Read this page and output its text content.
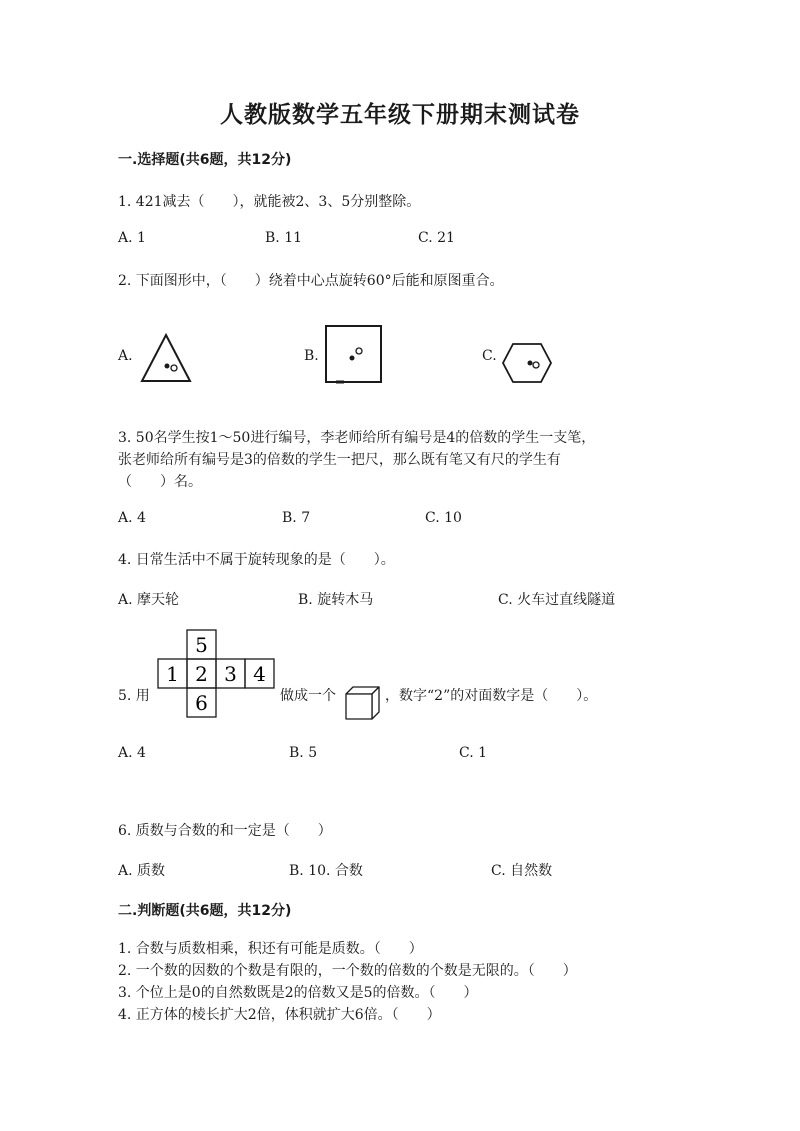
人教版数学五年级下册期末测试卷
一.选择题(共6题，共12分)
1. 421减去（　　），就能被2、3、5分别整除。
A. 1	B. 11	C. 21
2. 下面图形中，（　　）绕着中心点旋转60°后能和原图重合。
A.	B.	C.
3. 50名学生按1～50进行编号，李老师给所有编号是4的倍数的学生一支笔，
张老师给所有编号是3的倍数的学生一把尺，那么既有笔又有尺的学生有
（　　）名。
A. 4	B. 7	C. 10
4. 日常生活中不属于旋转现象的是（　　）。
A. 摩天轮	B. 旋转木马	C. 火车过直线隧道
5. 用
5
1 2 3 4
6	做成一个	，数字“2”的对面数字是（　　）。
A. 4	B. 5	C. 1
6. 质数与合数的和一定是（　　）
A. 质数	B. 10. 合数	C. 自然数
二.判断题(共6题，共12分)
1. 合数与质数相乘，积还有可能是质数。（　　）
2. 一个数的因数的个数是有限的，一个数的倍数的个数是无限的。（　　）
3. 个位上是0的自然数既是2的倍数又是5的倍数。（　　）
4. 正方体的棱长扩大2倍，体积就扩大6倍。（　　）
